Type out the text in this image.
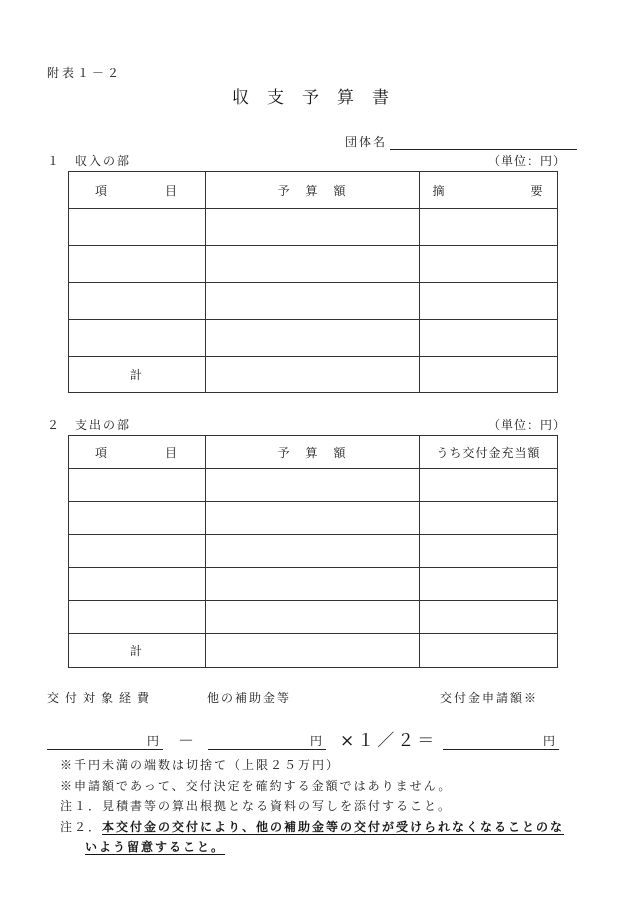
附表１－２
収支予算書
団体名
１　収入の部	（単位：円）
項　　　　目	予　算　額	摘　　　　　　要

計		
２　支出の部	（単位：円）
項　　　　目	予　算　額	うち交付金充当額

計		
交付対象経費	他の補助金等	交付金申請額※
円 －	円 ×１／２＝	円
※千円未満の端数は切捨て（上限２５万円）
※申請額であって、交付決定を確約する金額ではありません。
注１．見積書等の算出根拠となる資料の写しを添付すること。
注２．本交付金の交付により、他の補助金等の交付が受けられなくなることのな
いよう留意すること。
